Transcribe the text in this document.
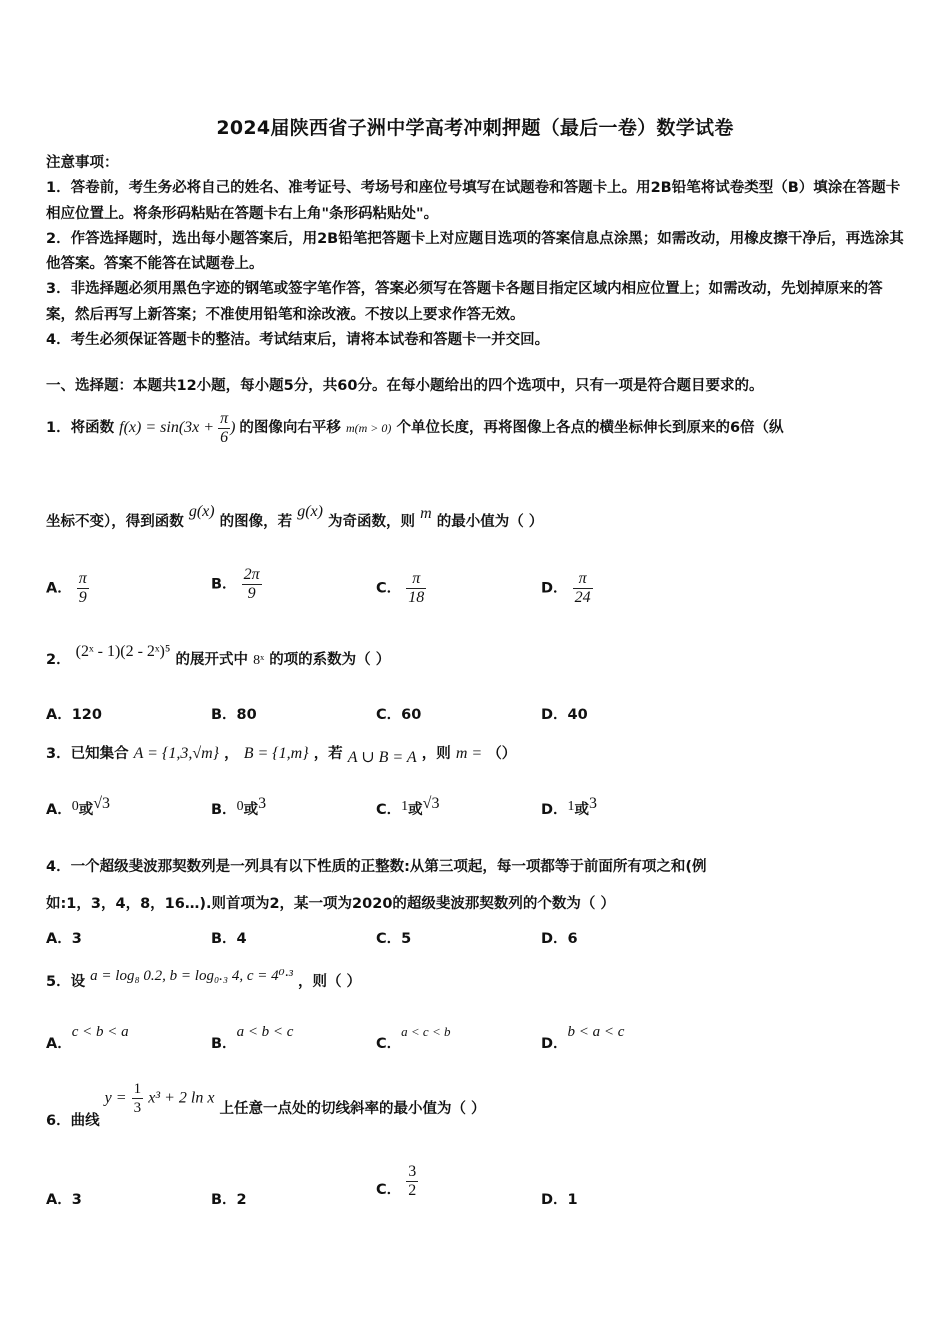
2024届陕西省子洲中学高考冲刺押题（最后一卷）数学试卷

注意事项：

1．答卷前，考生务必将自己的姓名、准考证号、考场号和座位号填写在试题卷和答题卡上。用2B铅笔将试卷类型（B）填涂在答题卡相应位置上。将条形码粘贴在答题卡右上角"条形码粘贴处"。

2．作答选择题时，选出每小题答案后，用2B铅笔把答题卡上对应题目选项的答案信息点涂黑；如需改动，用橡皮擦干净后，再选涂其他答案。答案不能答在试题卷上。

3．非选择题必须用黑色字迹的钢笔或签字笔作答，答案必须写在答题卡各题目指定区域内相应位置上；如需改动，先划掉原来的答案，然后再写上新答案；不准使用铅笔和涂改液。不按以上要求作答无效。

4．考生必须保证答题卡的整洁。考试结束后，请将本试卷和答题卡一并交回。

一、选择题：本题共12小题，每小题5分，共60分。在每小题给出的四个选项中，只有一项是符合题目要求的。
1．将函数 $f(x) = \sin(3x + \frac{\pi}{6}$ ) 的图像向右平移 m(m > 0) 个单位长度，再将图像上各点的横坐标伸长到原来的6倍（纵
坐标不变），得到函数 g(x) 的图像，若 g(x) 为奇函数，则 m 的最小值为（ ）
A． $\frac{\pi}{9}$	B． $\frac{2\pi}{9}$	C． $\frac{\pi}{18}$	D． $\frac{\pi}{24}$
2． (2ˣ - 1)(2 - 2ˣ)⁵ 的展开式中 8ˣ 的项的系数为（ ）
A．120	B．80	C．60	D．40
3．已知集合 A = {1,3,√m} ， B = {1,m} ，若 A ∪ B = A ，则 m = （）
A．0或√3	B．0或3	C．1或√3	D．1或3
4．一个超级斐波那契数列是一列具有以下性质的正整数:从第三项起，每一项都等于前面所有项之和(例
如:1，3，4，8，16…).则首项为2，某一项为2020的超级斐波那契数列的个数为（ ）
A．3	B．4	C．5	D．6
5．设 a = log₈ 0.2, b = log₀.₃ 4, c = 4⁰·³ ，则（ ）
A．c < b < a
B．a < b < c
C．a < c < b
D．b < a < c
6．曲线 $y = \frac{1}{3} x^3 + 2$ ln x 上任意一点处的切线斜率的最小值为（ ）
A．3	B．2
C． $\frac{3}{2}$	D．1
